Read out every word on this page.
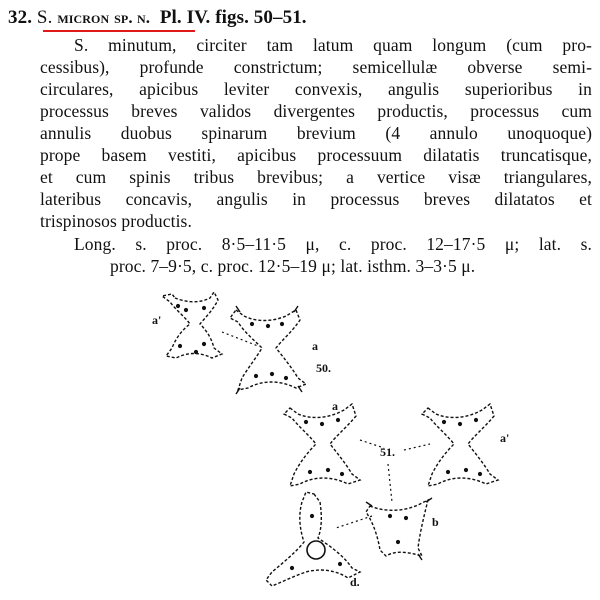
32. S. micron sp. n. Pl. IV. figs. 50–51.
S. minutum, circiter tam latum quam longum (cum pro-
cessibus), profunde constrictum; semicellulæ obverse semi-
circulares, apicibus leviter convexis, angulis superioribus in
processus breves validos divergentes productis, processus cum
annulis duobus spinarum brevium (4 annulo unoquoque)
prope basem vestiti, apicibus processuum dilatatis truncatisque,
et cum spinis tribus brevibus; a vertice visæ triangulares,
lateribus concavis, angulis in processus breves dilatatos et
trispinosos productis.
Long. s. proc. 8·5–11·5 μ, c. proc. 12–17·5 μ; lat. s.
proc. 7–9·5, c. proc. 12·5–19 μ; lat. isthm. 3–3·5 μ.
a'
a
50.
a
51.
a'
b
d.
